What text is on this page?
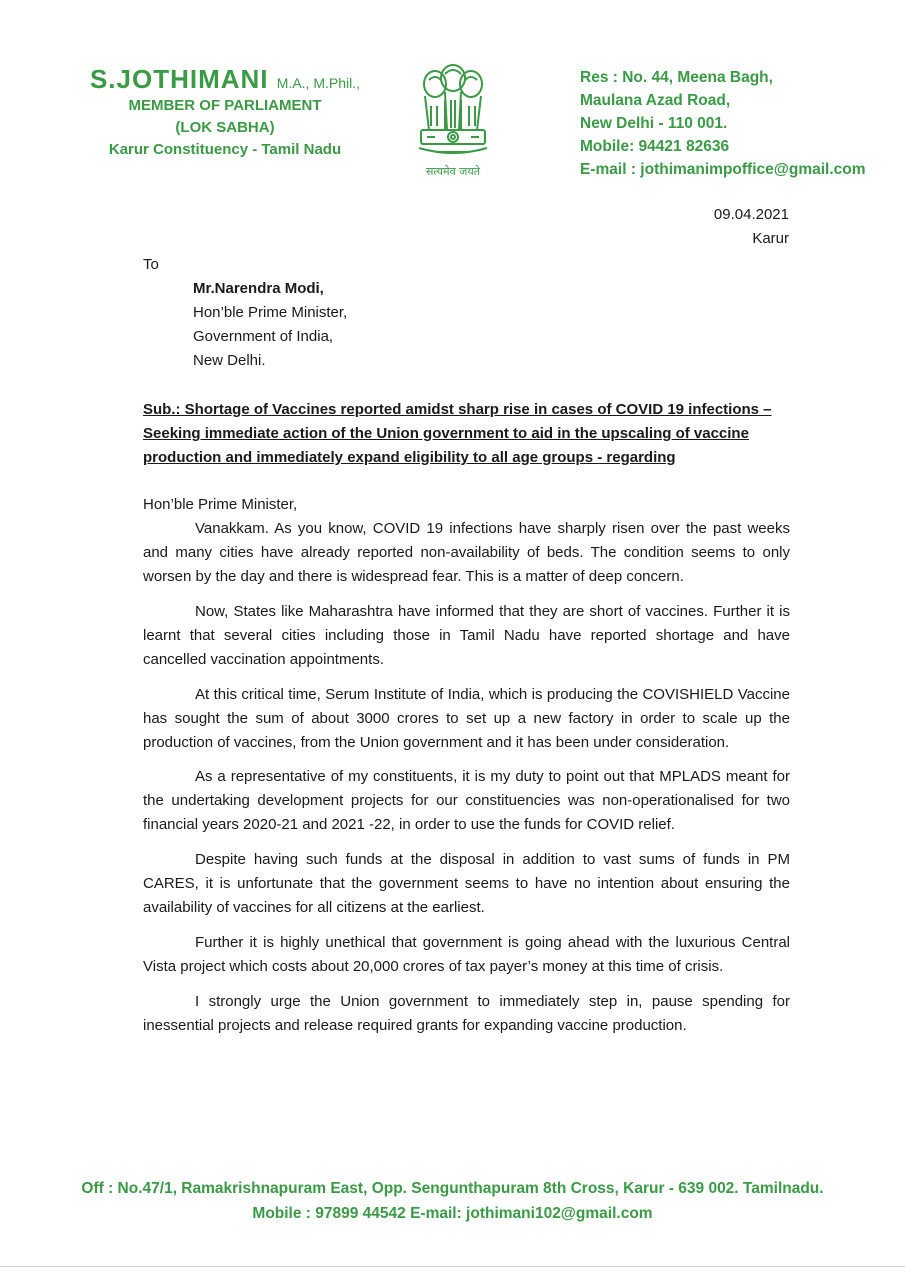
S.JOTHIMANI M.A., M.Phil.,
MEMBER OF PARLIAMENT
(LOK SABHA)
Karur Constituency - Tamil Nadu
सत्यमेव जयते
Res : No. 44, Meena Bagh,
Maulana Azad Road,
New Delhi - 110 001.
Mobile: 94421 82636
E-mail : jothimanimpoffice@gmail.com
09.04.2021
Karur
To
Mr.Narendra Modi,
Hon’ble Prime Minister,
Government of India,
New Delhi.
Sub.: Shortage of Vaccines reported amidst sharp rise in cases of COVID 19 infections – Seeking immediate action of the Union government to aid in the upscaling of vaccine production and immediately expand eligibility to all age groups - regarding
Hon’ble Prime Minister,

Vanakkam. As you know, COVID 19 infections have sharply risen over the past weeks and many cities have already reported non-availability of beds. The condition seems to only worsen by the day and there is widespread fear. This is a matter of deep concern.

Now, States like Maharashtra have informed that they are short of vaccines. Further it is learnt that several cities including those in Tamil Nadu have reported shortage and have cancelled vaccination appointments.

At this critical time, Serum Institute of India, which is producing the COVISHIELD Vaccine has sought the sum of about 3000 crores to set up a new factory in order to scale up the production of vaccines, from the Union government and it has been under consideration.

As a representative of my constituents, it is my duty to point out that MPLADS meant for the undertaking development projects for our constituencies was non-operationalised for two financial years 2020-21 and 2021 -22, in order to use the funds for COVID relief.

Despite having such funds at the disposal in addition to vast sums of funds in PM CARES, it is unfortunate that the government seems to have no intention about ensuring the availability of vaccines for all citizens at the earliest.

Further it is highly unethical that government is going ahead with the luxurious Central Vista project which costs about 20,000 crores of tax payer’s money at this time of crisis.

I strongly urge the Union government to immediately step in, pause spending for inessential projects and release required grants for expanding vaccine production.

Off : No.47/1, Ramakrishnapuram East, Opp. Sengunthapuram 8th Cross, Karur - 639 002. Tamilnadu.
Mobile : 97899 44542 E-mail: jothimani102@gmail.com
